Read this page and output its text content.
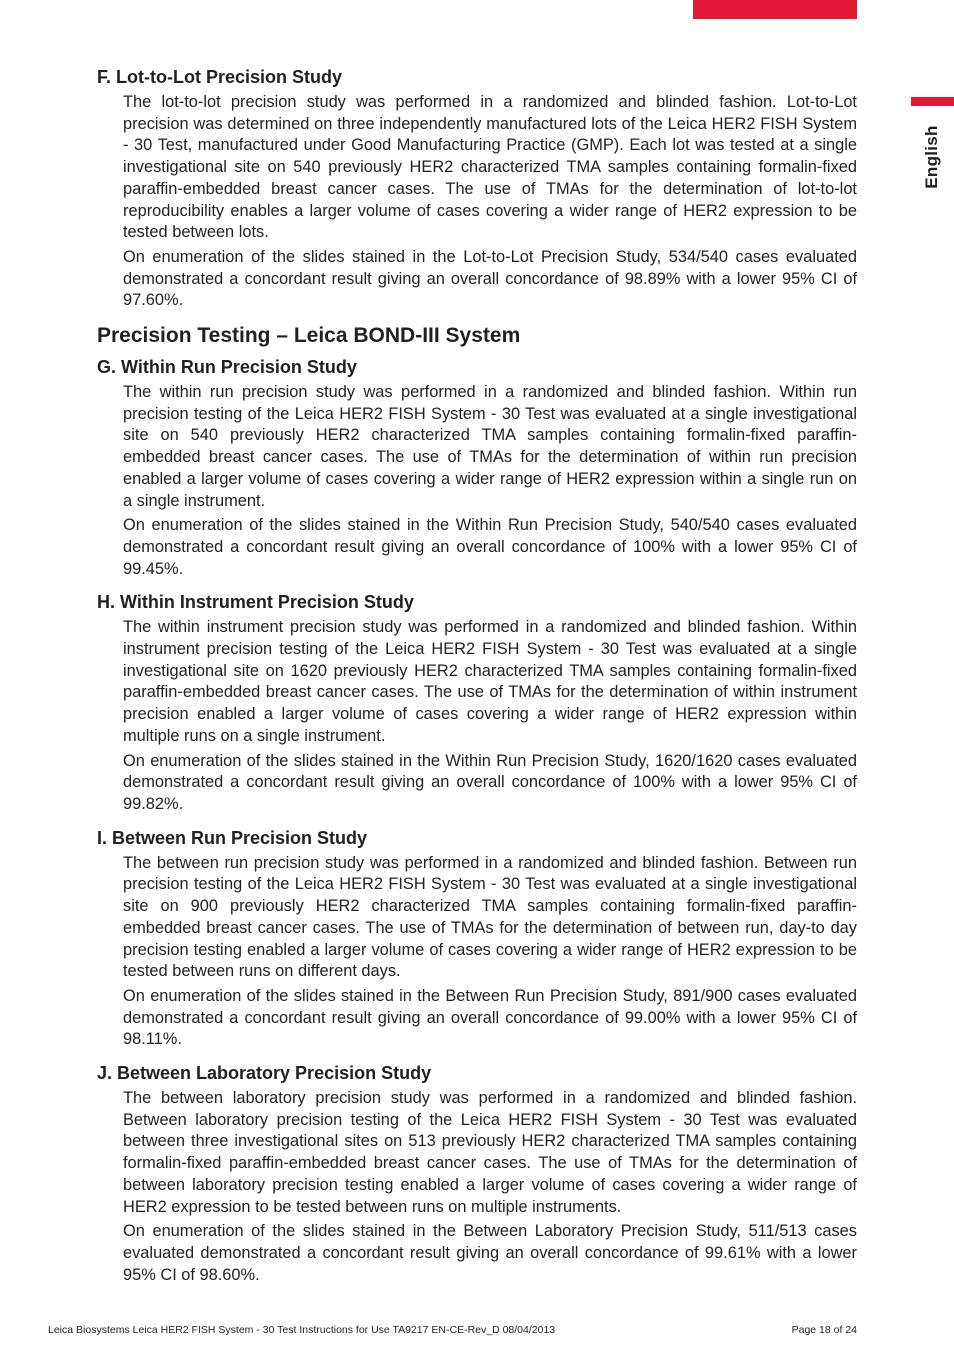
English
F. Lot-to-Lot Precision Study

The lot-to-lot precision study was performed in a randomized and blinded fashion. Lot-to-Lot precision was determined on three independently manufactured lots of the Leica HER2 FISH System - 30 Test, manufactured under Good Manufacturing Practice (GMP). Each lot was tested at a single investigational site on 540 previously HER2 characterized TMA samples containing formalin-fixed paraffin-embedded breast cancer cases. The use of TMAs for the determination of lot-to-lot reproducibility enables a larger volume of cases covering a wider range of HER2 expression to be tested between lots.

On enumeration of the slides stained in the Lot-to-Lot Precision Study, 534/540 cases evaluated demonstrated a concordant result giving an overall concordance of 98.89% with a lower 95% CI of 97.60%.

Precision Testing – Leica BOND-III System
G. Within Run Precision Study

The within run precision study was performed in a randomized and blinded fashion. Within run precision testing of the Leica HER2 FISH System - 30 Test was evaluated at a single investigational site on 540 previously HER2 characterized TMA samples containing formalin-fixed paraffin-embedded breast cancer cases. The use of TMAs for the determination of within run precision enabled a larger volume of cases covering a wider range of HER2 expression within a single run on a single instrument.

On enumeration of the slides stained in the Within Run Precision Study, 540/540 cases evaluated demonstrated a concordant result giving an overall concordance of 100% with a lower 95% CI of 99.45%.

H. Within Instrument Precision Study

The within instrument precision study was performed in a randomized and blinded fashion. Within instrument precision testing of the Leica HER2 FISH System - 30 Test was evaluated at a single investigational site on 1620 previously HER2 characterized TMA samples containing formalin-fixed paraffin-embedded breast cancer cases. The use of TMAs for the determination of within instrument precision enabled a larger volume of cases covering a wider range of HER2 expression within multiple runs on a single instrument.

On enumeration of the slides stained in the Within Run Precision Study, 1620/1620 cases evaluated demonstrated a concordant result giving an overall concordance of 100% with a lower 95% CI of 99.82%.

I. Between Run Precision Study

The between run precision study was performed in a randomized and blinded fashion. Between run precision testing of the Leica HER2 FISH System - 30 Test was evaluated at a single investigational site on 900 previously HER2 characterized TMA samples containing formalin-fixed paraffin-embedded breast cancer cases. The use of TMAs for the determination of between run, day-to day precision testing enabled a larger volume of cases covering a wider range of HER2 expression to be tested between runs on different days.

On enumeration of the slides stained in the Between Run Precision Study, 891/900 cases evaluated demonstrated a concordant result giving an overall concordance of 99.00% with a lower 95% CI of 98.11%.

J. Between Laboratory Precision Study

The between laboratory precision study was performed in a randomized and blinded fashion. Between laboratory precision testing of the Leica HER2 FISH System - 30 Test was evaluated between three investigational sites on 513 previously HER2 characterized TMA samples containing formalin-fixed paraffin-embedded breast cancer cases. The use of TMAs for the determination of between laboratory precision testing enabled a larger volume of cases covering a wider range of HER2 expression to be tested between runs on multiple instruments.

On enumeration of the slides stained in the Between Laboratory Precision Study, 511/513 cases evaluated demonstrated a concordant result giving an overall concordance of 99.61% with a lower 95% CI of 98.60%.

Leica Biosystems Leica HER2 FISH System - 30 Test Instructions for Use TA9217 EN-CE-Rev_D 08/04/2013	Page 18 of 24
